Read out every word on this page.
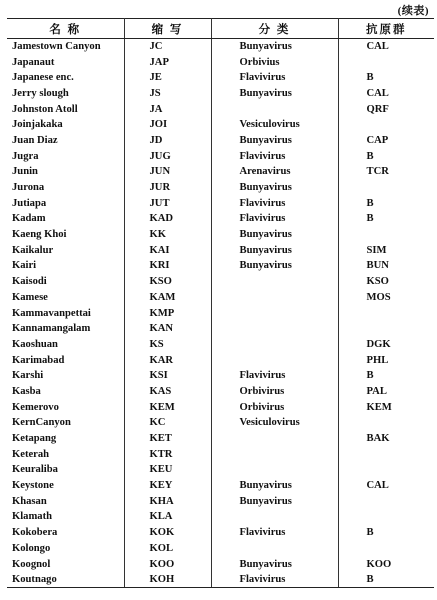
(续表)
名 称	缩 写	分 类	抗原群
Jamestown Canyon	JC	Bunyavirus	CAL
Japanaut	JAP	Orbivius	
Japanese enc.	JE	Flavivirus	B
Jerry slough	JS	Bunyavirus	CAL
Johnston Atoll	JA		QRF
Joinjakaka	JOI	Vesiculovirus	
Juan Diaz	JD	Bunyavirus	CAP
Jugra	JUG	Flavivirus	B
Junin	JUN	Arenavirus	TCR
Jurona	JUR	Bunyavirus	
Jutiapa	JUT	Flavivirus	B
Kadam	KAD	Flavivirus	B
Kaeng Khoi	KK	Bunyavirus	
Kaikalur	KAI	Bunyavirus	SIM
Kairi	KRI	Bunyavirus	BUN
Kaisodi	KSO		KSO
Kamese	KAM		MOS
Kammavanpettai	KMP		
Kannamangalam	KAN		
Kaoshuan	KS		DGK
Karimabad	KAR		PHL
Karshi	KSI	Flavivirus	B
Kasba	KAS	Orbivirus	PAL
Kemerovo	KEM	Orbivirus	KEM
KernCanyon	KC	Vesiculovirus	
Ketapang	KET		BAK
Keterah	KTR		
Keuraliba	KEU		
Keystone	KEY	Bunyavirus	CAL
Khasan	KHA	Bunyavirus	
Klamath	KLA		
Kokobera	KOK	Flavivirus	B
Kolongo	KOL		
Koognol	KOO	Bunyavirus	KOO
Koutnago	KOH	Flavivirus	B
